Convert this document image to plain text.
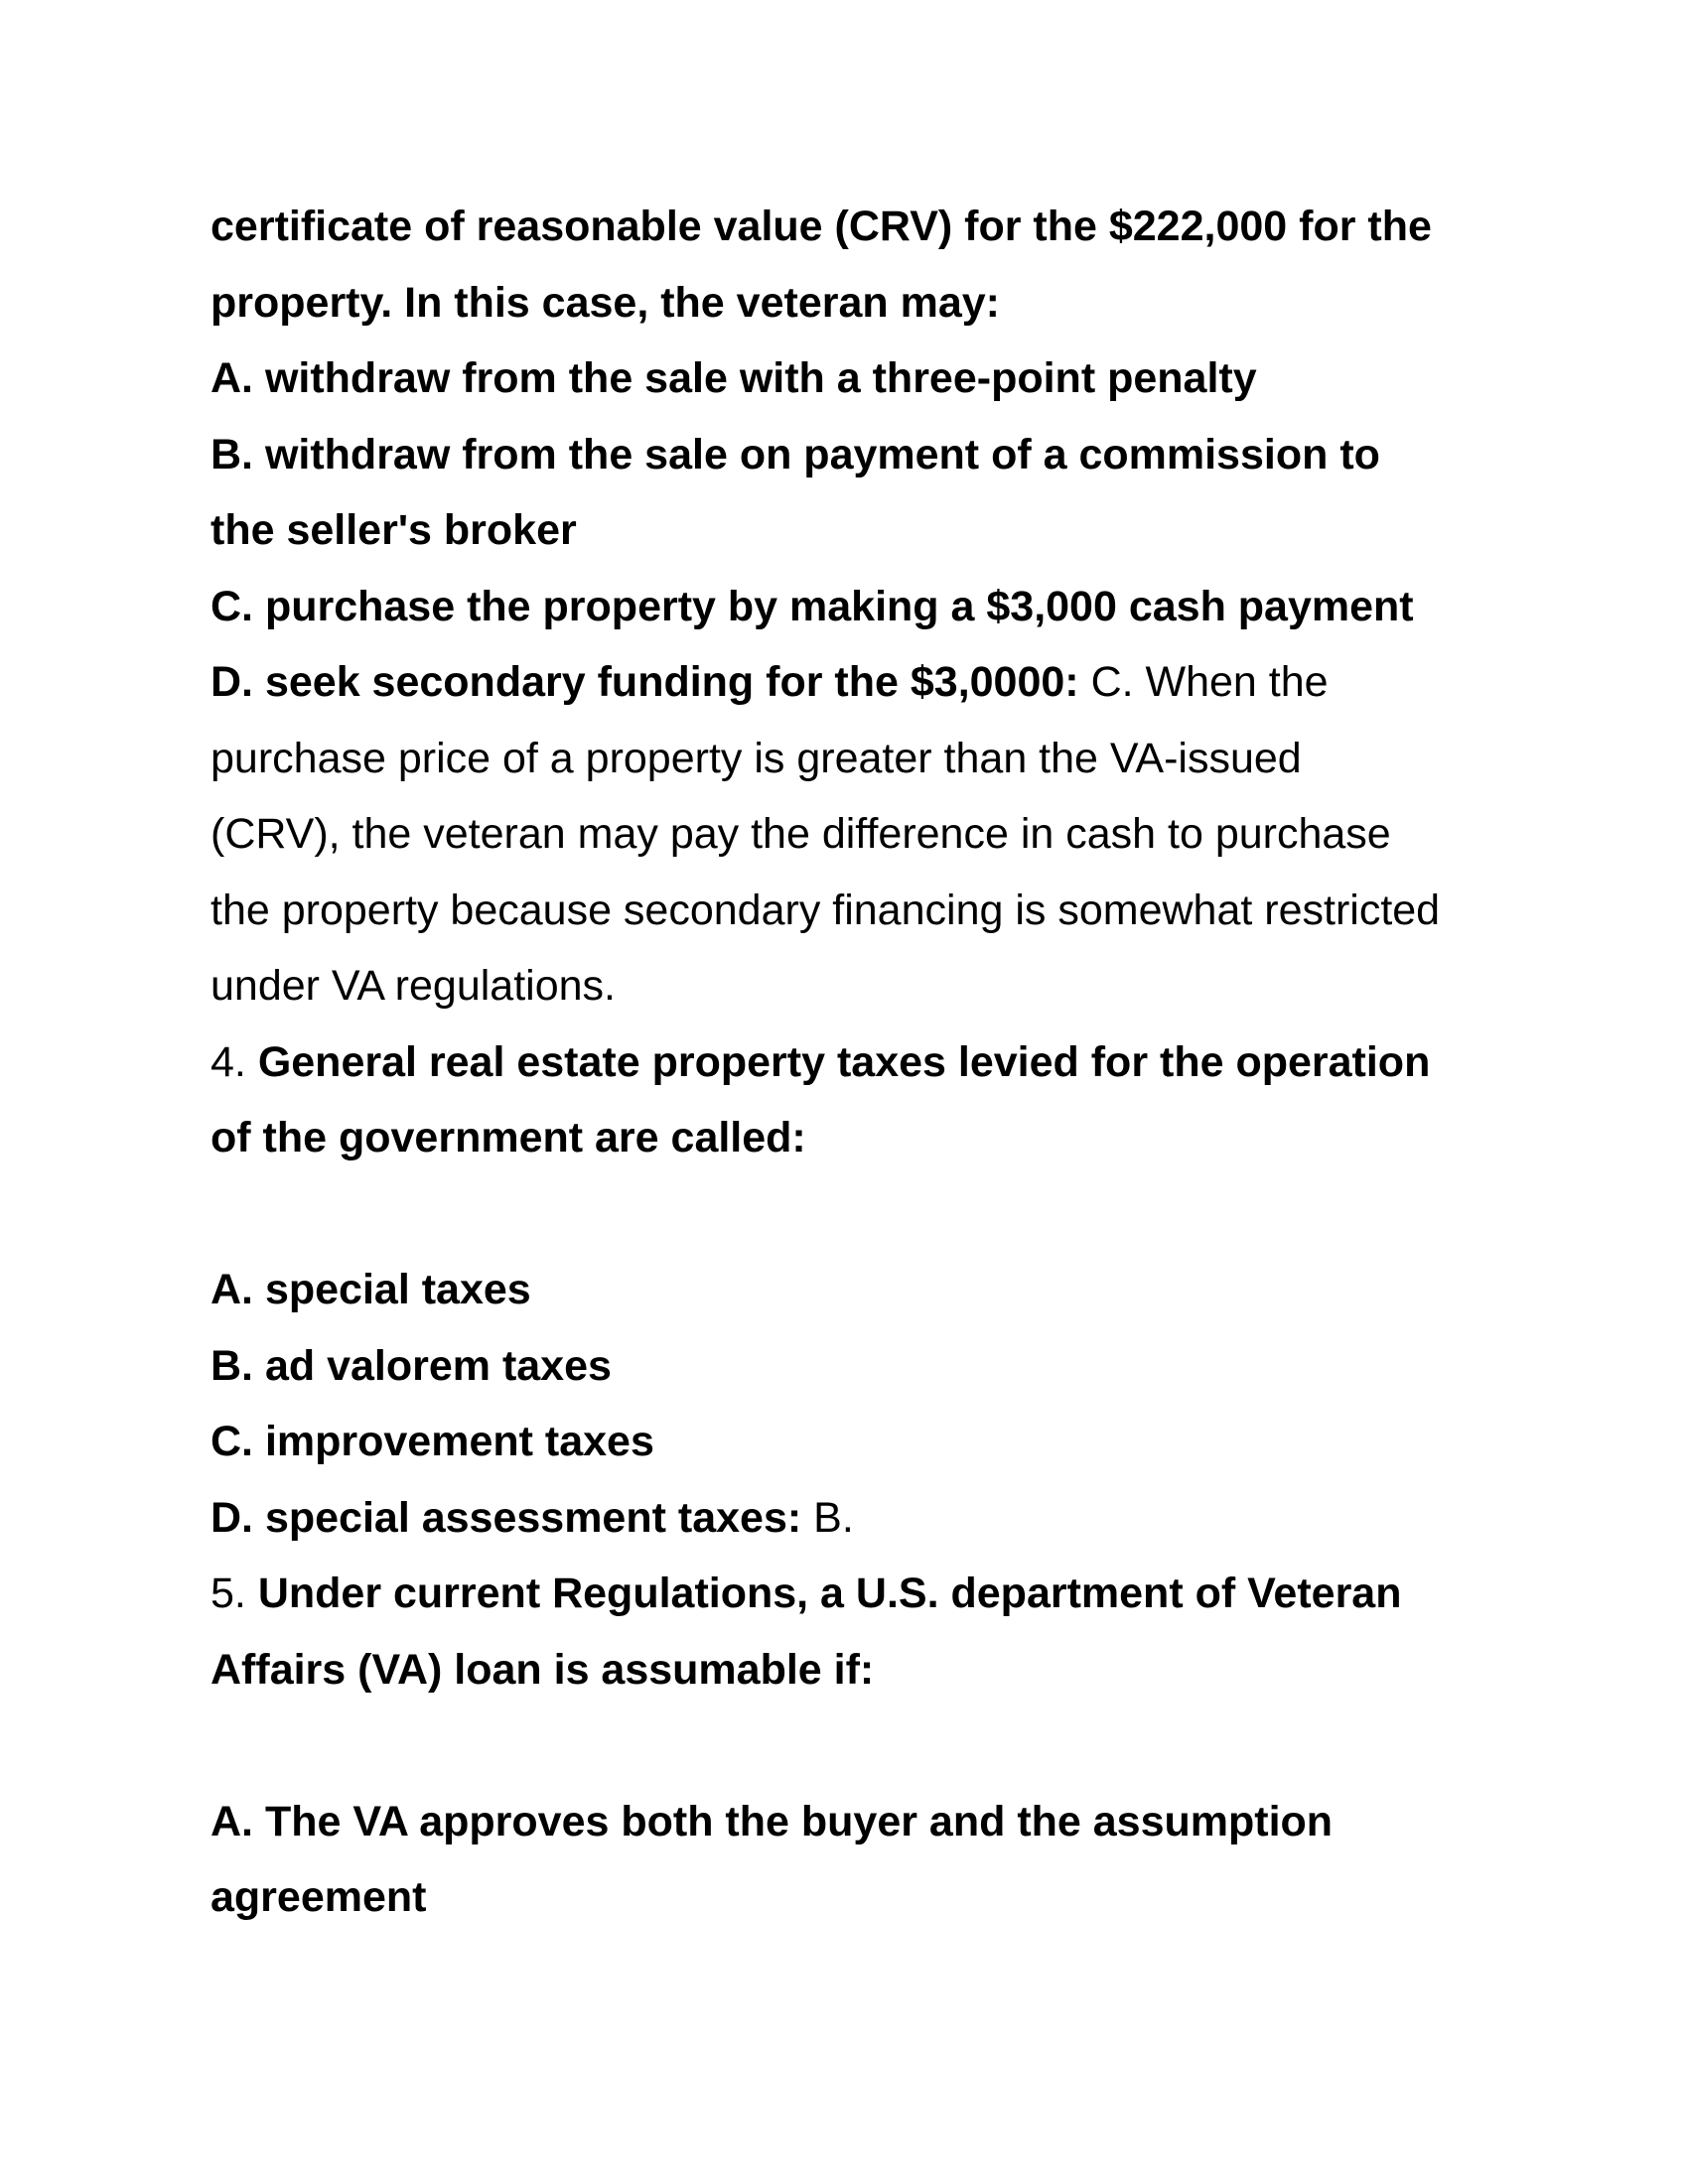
certificate of reasonable value (CRV) for the $222,000 for the
property. In this case, the veteran may:
A. withdraw from the sale with a three-point penalty
B. withdraw from the sale on payment of a commission to
the seller's broker
C. purchase the property by making a $3,000 cash payment
D. seek secondary funding for the $3,0000: C. When the
purchase price of a property is greater than the VA-issued
(CRV), the veteran may pay the difference in cash to purchase
the property because secondary financing is somewhat restricted
under VA regulations.
4. General real estate property taxes levied for the operation
of the government are called:
A. special taxes
B. ad valorem taxes
C. improvement taxes
D. special assessment taxes: B.
5. Under current Regulations, a U.S. department of Veteran
Affairs (VA) loan is assumable if:
A. The VA approves both the buyer and the assumption
agreement
